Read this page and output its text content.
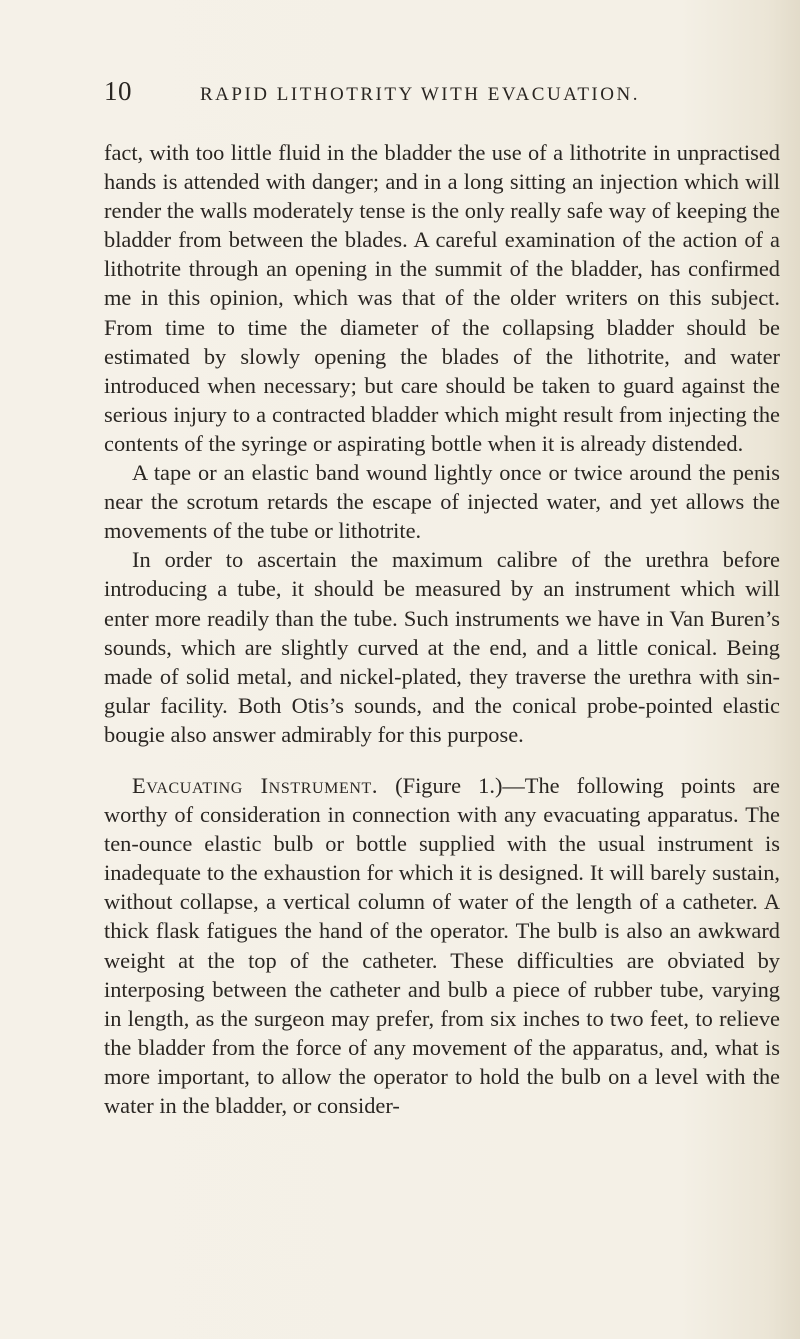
10	RAPID LITHOTRITY WITH EVACUATION.

fact, with too little fluid in the bladder the use of a lithotrite in unpractised hands is attended with danger; and in a long sitting an injection which will render the walls moderately tense is the only really safe way of keeping the bladder from between the blades. A careful examination of the action of a lithotrite through an opening in the summit of the bladder, has confirmed me in this opinion, which was that of the older writers on this subject. From time to time the diameter of the collapsing bladder should be estimated by slowly opening the blades of the lithotrite, and water introduced when necessary; but care should be taken to guard against the serious injury to a contracted bladder which might result from injecting the contents of the syringe or aspirating bottle when it is already distended.

A tape or an elastic band wound lightly once or twice around the penis near the scrotum retards the escape of injected water, and yet allows the movements of the tube or lithotrite.

In order to ascertain the maximum calibre of the urethra before introducing a tube, it should be measured by an instrument which will enter more readily than the tube. Such instruments we have in Van Buren’s sounds, which are slightly curved at the end, and a little conical. Being made of solid metal, and nickel-plated, they traverse the urethra with singular facility. Both Otis’s sounds, and the conical probe-pointed elastic bougie also answer admirably for this purpose.

Evacuating Instrument. (Figure 1.)—The following points are worthy of consideration in connection with any evacuating apparatus. The ten-ounce elastic bulb or bottle supplied with the usual instrument is inadequate to the exhaustion for which it is designed. It will barely sustain, without collapse, a vertical column of water of the length of a catheter. A thick flask fatigues the hand of the operator. The bulb is also an awkward weight at the top of the catheter. These difficulties are obviated by interposing between the catheter and bulb a piece of rubber tube, varying in length, as the surgeon may prefer, from six inches to two feet, to relieve the bladder from the force of any movement of the apparatus, and, what is more important, to allow the operator to hold the bulb on a level with the water in the bladder, or consider-
